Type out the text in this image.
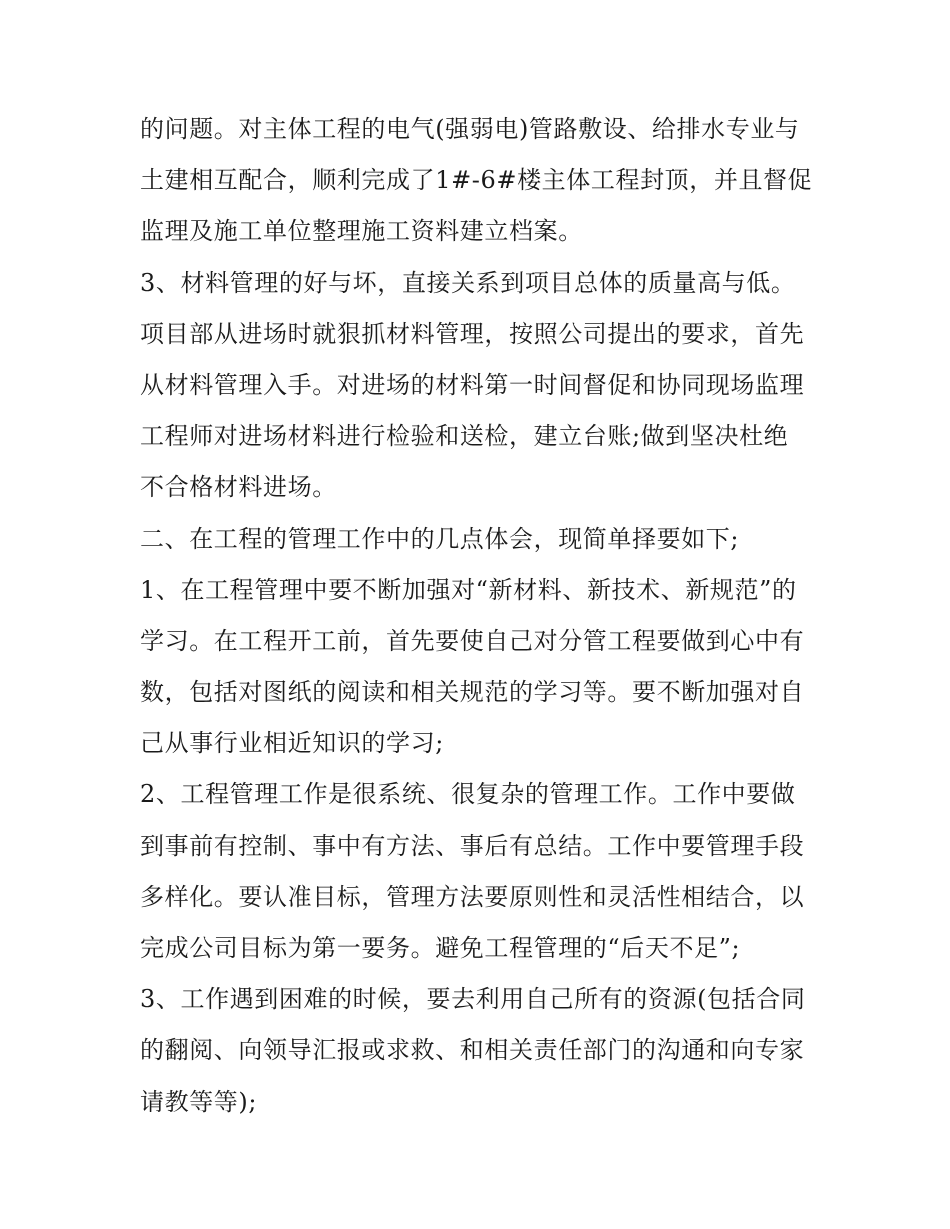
的问题。对主体工程的电气(强弱电)管路敷设、给排水专业与
土建相互配合，顺利完成了1#-6#楼主体工程封顶，并且督促
监理及施工单位整理施工资料建立档案。
3、材料管理的好与坏，直接关系到项目总体的质量高与低。
项目部从进场时就狠抓材料管理，按照公司提出的要求，首先
从材料管理入手。对进场的材料第一时间督促和协同现场监理
工程师对进场材料进行检验和送检，建立台账;做到坚决杜绝
不合格材料进场。
二、在工程的管理工作中的几点体会，现简单择要如下;
1、在工程管理中要不断加强对“新材料、新技术、新规范”的
学习。在工程开工前，首先要使自己对分管工程要做到心中有
数，包括对图纸的阅读和相关规范的学习等。要不断加强对自
己从事行业相近知识的学习;
2、工程管理工作是很系统、很复杂的管理工作。工作中要做
到事前有控制、事中有方法、事后有总结。工作中要管理手段
多样化。要认准目标，管理方法要原则性和灵活性相结合，以
完成公司目标为第一要务。避免工程管理的“后天不足”;
3、工作遇到困难的时候，要去利用自己所有的资源(包括合同
的翻阅、向领导汇报或求救、和相关责任部门的沟通和向专家
请教等等);
